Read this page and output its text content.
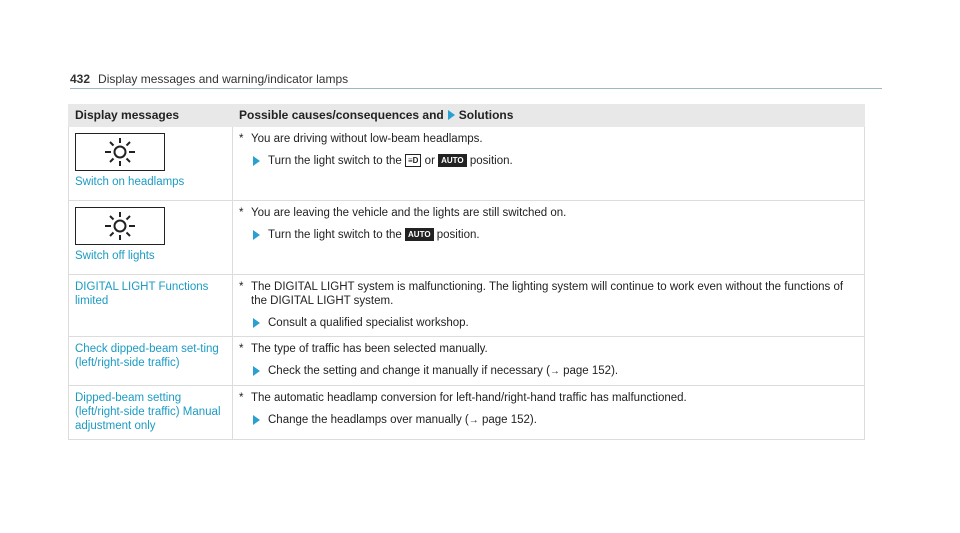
432 Display messages and warning/indicator lamps
Display messages	Possible causes/consequences and Solutions

Switch on headlamps	* You are driving without low-beam headlamps.
Turn the light switch to the ≡D or AUTO position.

Switch off lights	* You are leaving the vehicle and the lights are still switched on.
Turn the light switch to the AUTO position.

DIGITAL LIGHT Functions limited	* The DIGITAL LIGHT system is malfunctioning. The lighting system will continue to work even without the functions of the DIGITAL LIGHT system.
Consult a qualified specialist workshop.

Check dipped-beam set-ting (left/right-side traffic)	* The type of traffic has been selected manually.
Check the setting and change it manually if necessary (→ page 152).

Dipped-beam setting (left/right-side traffic) Manual adjustment only	* The automatic headlamp conversion for left-hand/right-hand traffic has malfunctioned.
Change the headlamps over manually (→ page 152).
